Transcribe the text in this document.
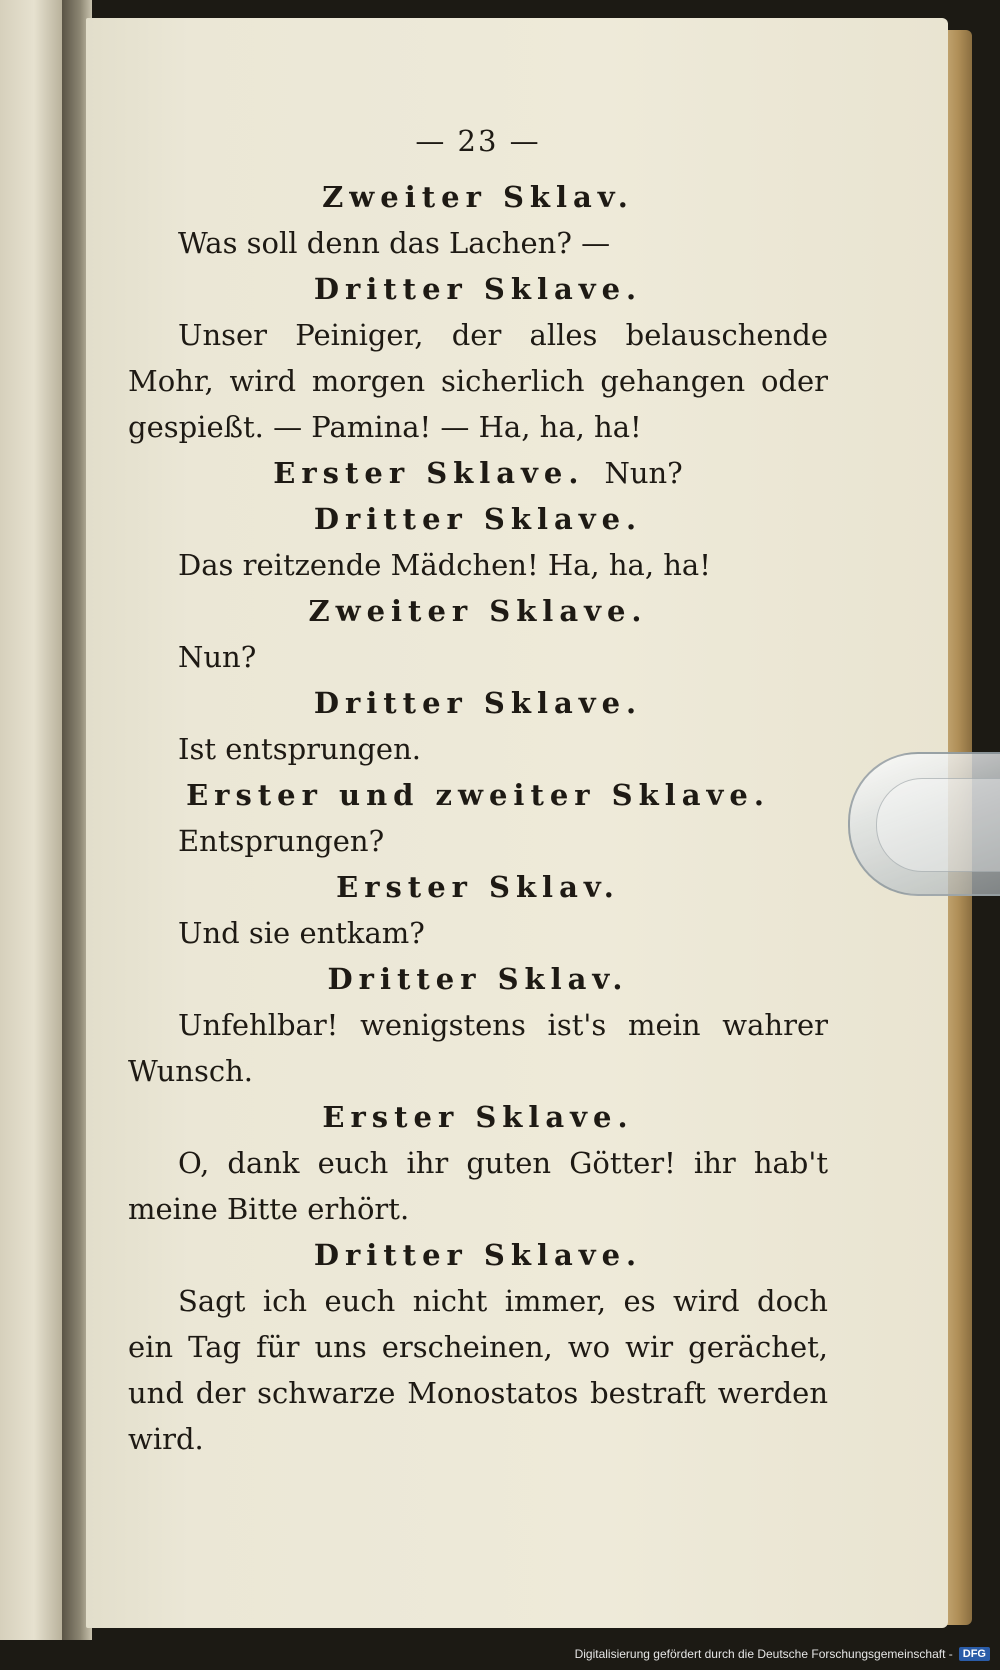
— 23 —
Zweiter Sklav.
Was soll denn das Lachen? —
Dritter Sklave.
Unser Peiniger, der alles belauschende
Mohr, wird morgen sicherlich gehangen oder
gespießt. — Pamina! — Ha, ha, ha!
Erster Sklave. Nun?
Dritter Sklave.
Das reitzende Mädchen! Ha, ha, ha!
Zweiter Sklave.
Nun?
Dritter Sklave.
Ist entsprungen.
Erster und zweiter Sklave.
Entsprungen?
Erster Sklav.
Und sie entkam?
Dritter Sklav.
Unfehlbar! wenigstens ist's mein wahrer
Wunsch.
Erster Sklave.
O, dank euch ihr guten Götter! ihr hab't
meine Bitte erhört.
Dritter Sklave.
Sagt ich euch nicht immer, es wird doch
ein Tag für uns erscheinen, wo wir gerächet,
und der schwarze Monostatos bestraft werden
wird.
Digitalisierung gefördert durch die Deutsche Forschungsgemeinschaft - DFG
